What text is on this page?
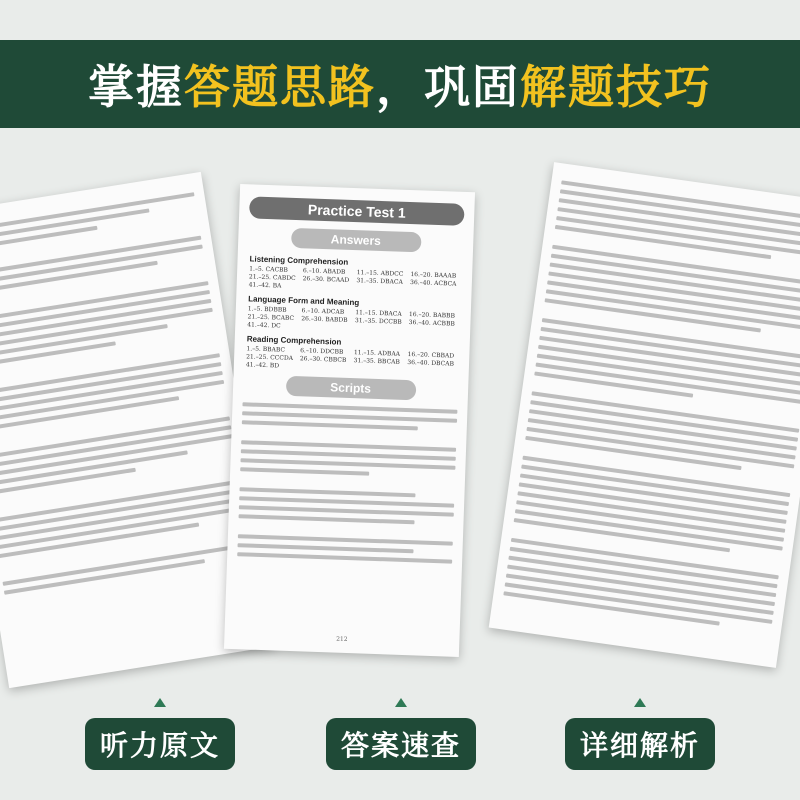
掌握 答题思路 ，巩固 解题技巧
Practice Test 1
Answers
Listening Comprehension
1.–5. CACBB	6.–10. ABADB	11.–15. ABDCC	16.–20. BAAAB
21.–25. CABDC	26.–30. BCAAD	31.–35. DBACA	36.–40. ACBCA
41.–42. BA
Language Form and Meaning
1.–5. BDBBB	6.–10. ADCAB	11.–15. DBACA	16.–20. BABBB
21.–25. BCABC	26.–30. BABDB	31.–35. DCCBB	36.–40. ACBBB
41.–42. DC
Reading Comprehension
1.–5. BBABC	6.–10. DDCBB	11.–15. ADBAA	16.–20. CBBAD
21.–25. CCCDA	26.–30. CBBCB	31.–35. BBCAB	36.–40. DBCAB
41.–42. BD
Scripts
212
听力原文	答案速查	详细解析
